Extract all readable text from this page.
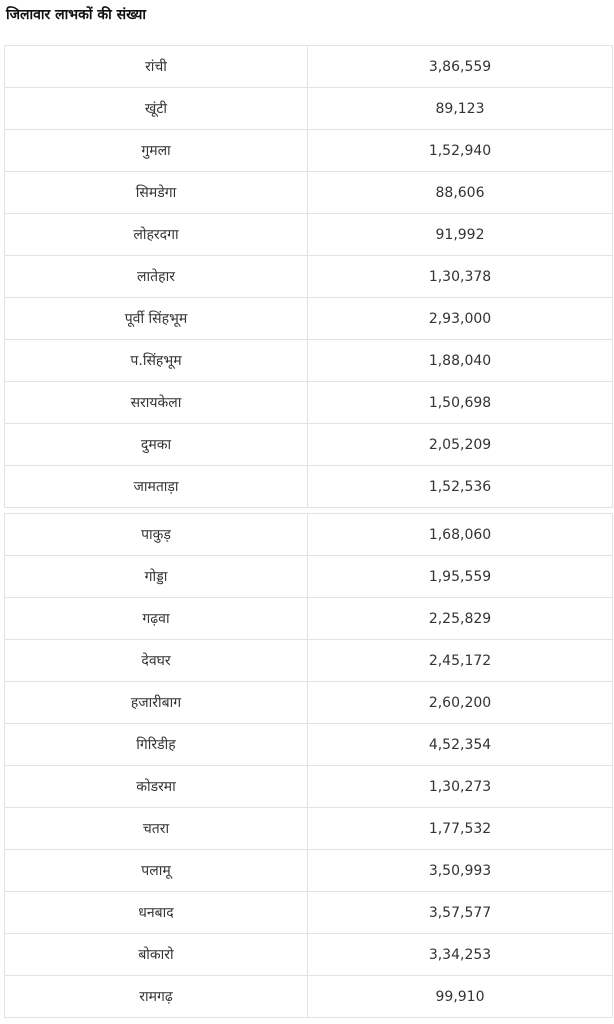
जिलावार लाभकों की संख्या
रांची	3,86,559
खूंटी	89,123
गुमला	1,52,940
सिमडेगा	88,606
लोहरदगा	91,992
लातेहार	1,30,378
पूर्वी सिंहभूम	2,93,000
प.सिंहभूम	1,88,040
सरायकेला	1,50,698
दुमका	2,05,209
जामताड़ा	1,52,536
पाकुड़	1,68,060
गोड्डा	1,95,559
गढ़वा	2,25,829
देवघर	2,45,172
हजारीबाग	2,60,200
गिरिडीह	4,52,354
कोडरमा	1,30,273
चतरा	1,77,532
पलामू	3,50,993
धनबाद	3,57,577
बोकारो	3,34,253
रामगढ़	99,910
